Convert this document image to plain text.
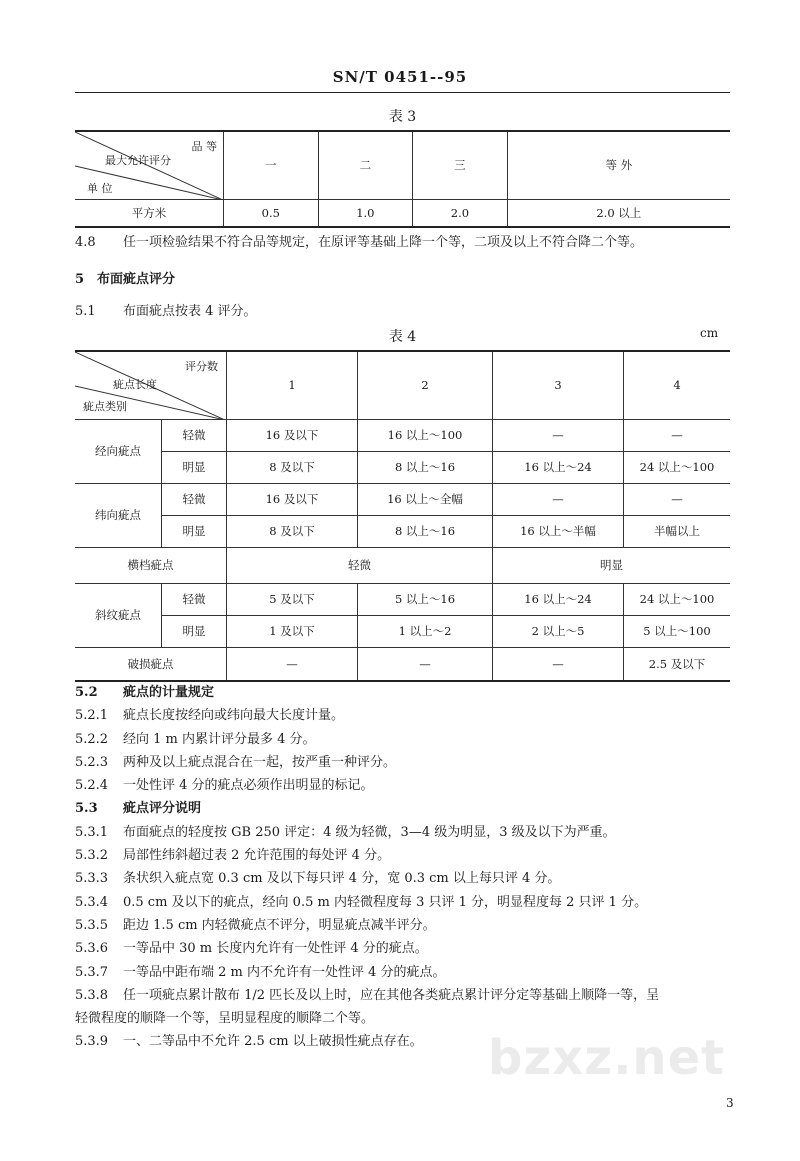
SN/T 0451--95
表 3
品 等
最大允许评分
单 位	一	二	三	等 外
平方米	0.5	1.0	2.0	2.0 以上
4.8 任一项检验结果不符合品等规定，在原评等基础上降一个等，二项及以上不符合降二个等。
5 布面疵点评分
5.1 布面疵点按表 4 评分。
表 4	cm
评分数
疵点长度
疵点类别		1	2	3	4
经向疵点	轻微	16 及以下	16 以上～100	—	—
	明显	8 及以下	8 以上～16	16 以上～24	24 以上～100
纬向疵点	轻微	16 及以下	16 以上～全幅	—	—
	明显	8 及以下	8 以上～16	16 以上～半幅	半幅以上
横档疵点		轻微		明显	
斜纹疵点	轻微	5 及以下	5 以上～16	16 以上～24	24 以上～100
	明显	1 及以下	1 以上～2	2 以上～5	5 以上～100
破损疵点		—	—	—	2.5 及以下
5.2 疵点的计量规定
5.2.1 疵点长度按经向或纬向最大长度计量。
5.2.2 经向 1 m 内累计评分最多 4 分。
5.2.3 两种及以上疵点混合在一起，按严重一种评分。
5.2.4 一处性评 4 分的疵点必须作出明显的标记。
5.3 疵点评分说明
5.3.1 布面疵点的轻度按 GB 250 评定：4 级为轻微，3—4 级为明显，3 级及以下为严重。
5.3.2 局部性纬斜超过表 2 允许范围的每处评 4 分。
5.3.3 条状织入疵点宽 0.3 cm 及以下每只评 4 分，宽 0.3 cm 以上每只评 4 分。
5.3.4 0.5 cm 及以下的疵点，经向 0.5 m 内轻微程度每 3 只评 1 分，明显程度每 2 只评 1 分。
5.3.5 距边 1.5 cm 内轻微疵点不评分，明显疵点减半评分。
5.3.6 一等品中 30 m 长度内允许有一处性评 4 分的疵点。
5.3.7 一等品中距布端 2 m 内不允许有一处性评 4 分的疵点。
5.3.8 任一项疵点累计散布 1/2 匹长及以上时，应在其他各类疵点累计评分定等基础上顺降一等，呈
轻微程度的顺降一个等，呈明显程度的顺降二个等。
5.3.9 一、二等品中不允许 2.5 cm 以上破损性疵点存在。	bzxz.net
3
